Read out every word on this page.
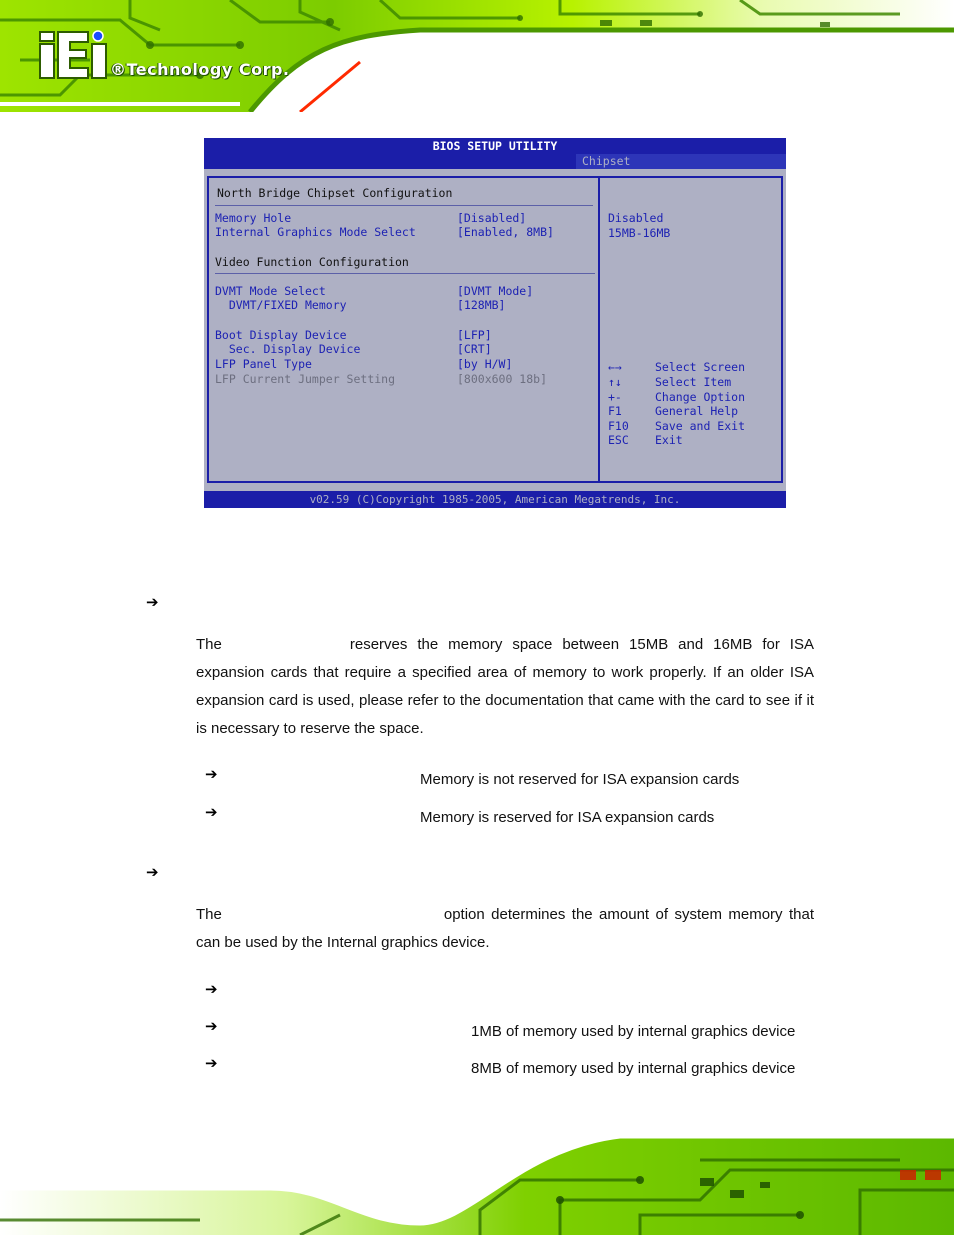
®Technology Corp.
BIOS SETUP UTILITY
Chipset
North Bridge Chipset Configuration
Memory Hole	[Disabled]
Internal Graphics Mode Select	[Enabled, 8MB]
Video Function Configuration
DVMT Mode Select	[DVMT Mode]
DVMT/FIXED Memory	[128MB]
Boot Display Device	[LFP]
Sec. Display Device	[CRT]
LFP Panel Type	[by H/W]
LFP Current Jumper Setting	[800x600 18b]
Disabled
15MB-16MB
←→	Select Screen
↑↓	Select Item
+-	Change Option
F1	General Help
F10 Save and Exit
ESC Exit
v02.59 (C)Copyright 1985-2005, American Megatrends, Inc.
➔

The	reserves the memory space between 15MB and 16MB for ISA expansion cards that require a specified area of memory to work properly. If an older ISA expansion card is used, please refer to the documentation that came with the card to see if it is necessary to reserve the space.

➔	Memory is not reserved for ISA expansion cards
➔	Memory is reserved for ISA expansion cards
➔

The	option determines the amount of system memory that can be used by the Internal graphics device.

➔
➔	1MB of memory used by internal graphics device
➔	8MB of memory used by internal graphics device
